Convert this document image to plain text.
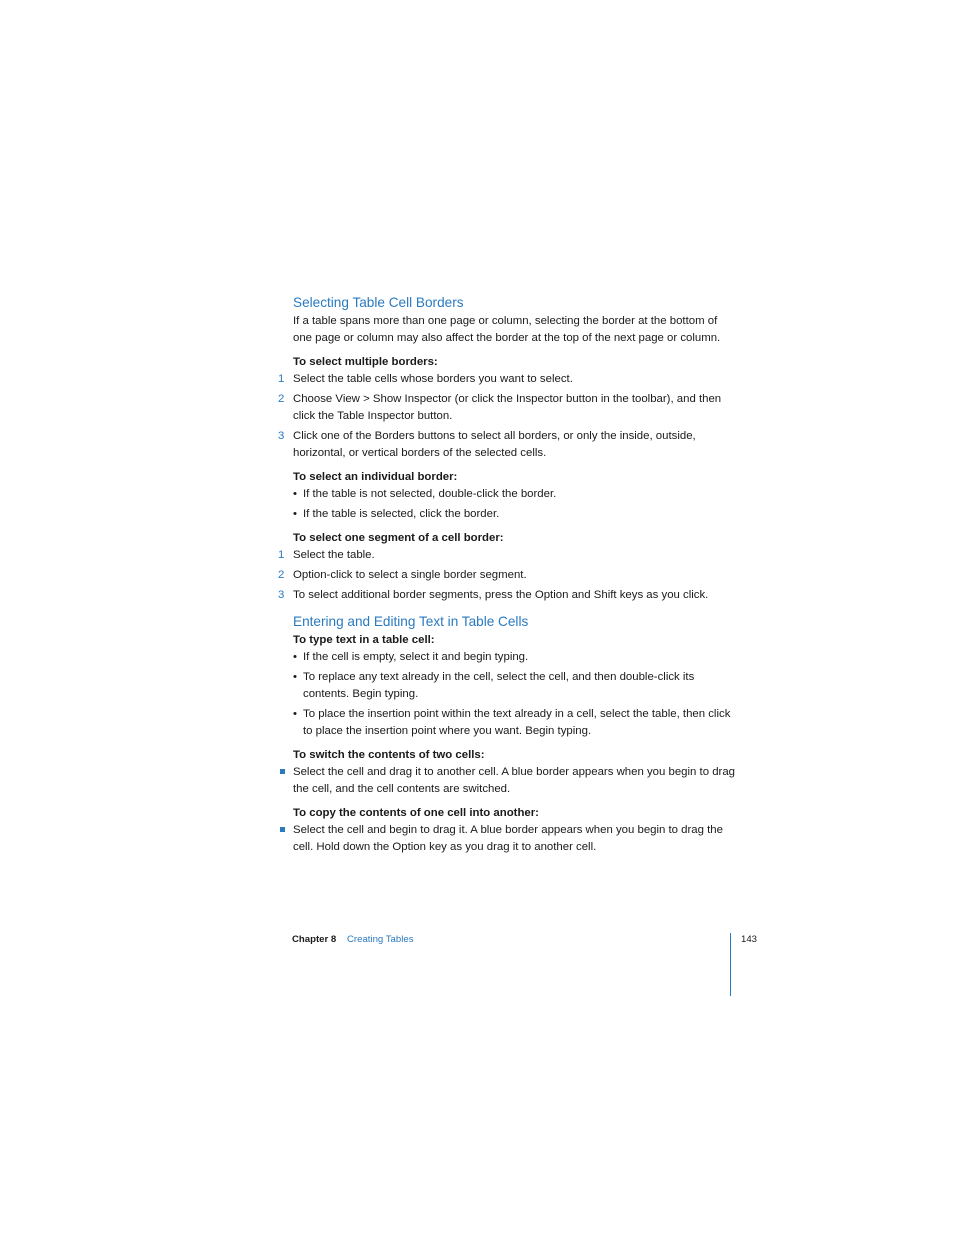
Selecting Table Cell Borders

If a table spans more than one page or column, selecting the border at the bottom of one page or column may also affect the border at the top of the next page or column.

To select multiple borders:
1 Select the table cells whose borders you want to select.
2 Choose View > Show Inspector (or click the Inspector button in the toolbar), and then click the Table Inspector button.
3 Click one of the Borders buttons to select all borders, or only the inside, outside, horizontal, or vertical borders of the selected cells.
To select an individual border:
• If the table is not selected, double-click the border.
• If the table is selected, click the border.
To select one segment of a cell border:
1 Select the table.
2 Option-click to select a single border segment.
3 To select additional border segments, press the Option and Shift keys as you click.
Entering and Editing Text in Table Cells
To type text in a table cell:
• If the cell is empty, select it and begin typing.
• To replace any text already in the cell, select the cell, and then double-click its contents. Begin typing.
• To place the insertion point within the text already in a cell, select the table, then click to place the insertion point where you want. Begin typing.
To switch the contents of two cells:
Select the cell and drag it to another cell. A blue border appears when you begin to drag the cell, and the cell contents are switched.
To copy the contents of one cell into another:
Select the cell and begin to drag it. A blue border appears when you begin to drag the cell. Hold down the Option key as you drag it to another cell.
Chapter 8 Creating Tables	143
